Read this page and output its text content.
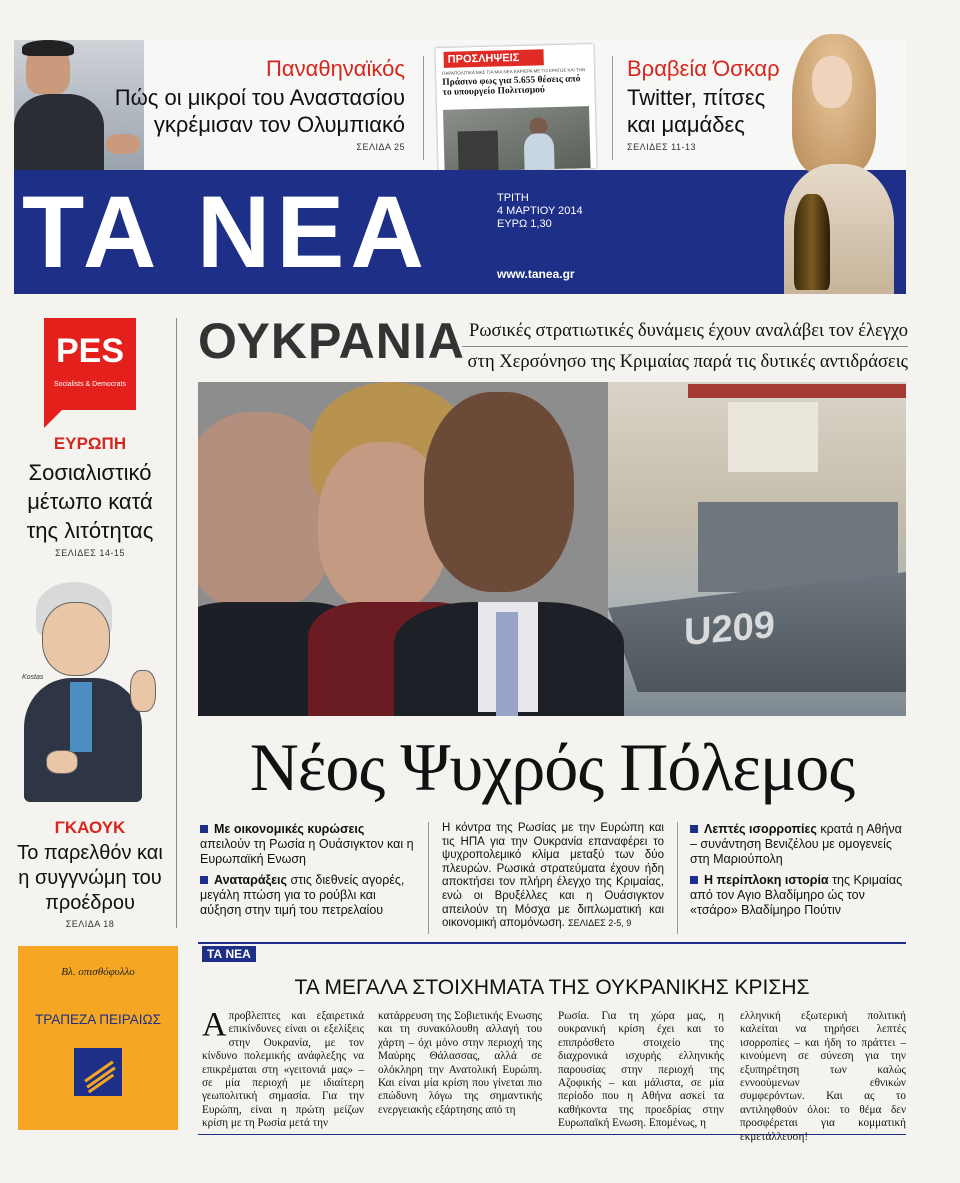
Παναθηναϊκός
Πώς οι μικροί του Αναστασίου γκρέμισαν τον Ολυμπιακό
ΣΕΛΙΔΑ 25
ΠΡΟΣΛΗΨΕΙΣ
ΠΑΡΑΠΟΛΙΤΙΚΑ ΜΑΣ ΓΙΑ ΜΙΑ ΝΕΑ ΚΑΡΙΕΡΑ ΜΕ ΤΟ ΚΡΑΤΟΣ ΚΑΙ ΤΗΝ
Πράσινο φως για 5.655 θέσεις από το υπουργείο Πολιτισμού
Βραβεία Όσκαρ
Twitter, πίτσες και μαμάδες
ΣΕΛΙΔΕΣ 11-13
ΤΑ ΝΕΑ	ΤΡΙΤΗ
4 ΜΑΡΤΙΟΥ 2014
ΕΥΡΩ 1,30
www.tanea.gr
PES
Socialists & Democrats
ΕΥΡΩΠΗ
Σοσιαλιστικό μέτωπο κατά της λιτότητας
ΣΕΛΙΔΕΣ 14-15
Kostas
ΓΚΑΟΥΚ
Το παρελθόν και η συγγνώμη του προέδρου
ΣΕΛΙΔΑ 18
Βλ. οπισθόφυλλο
ΤΡΑΠΕΖΑ ΠΕΙΡΑΙΩΣ
ΟΥΚΡΑΝΙΑ Ρωσικές στρατιωτικές δυνάμεις έχουν αναλάβει τον έλεγχο
στη Χερσόνησο της Κριμαίας παρά τις δυτικές αντιδράσεις
U209
Νέος Ψυχρός Πόλεμος
Με οικονομικές κυρώσεις απειλούν τη Ρωσία η Ουάσιγκτον και η Ευρωπαϊκή Ενωση
Αναταράξεις στις διεθνείς αγορές, μεγάλη πτώση για το ρούβλι και αύξηση στην τιμή του πετρελαίου
Η κόντρα της Ρωσίας με την Ευρώπη και τις ΗΠΑ για την Ουκρανία επαναφέρει το ψυχροπολεμικό κλίμα μεταξύ των δύο πλευρών. Ρωσικά στρατεύματα έχουν ήδη αποκτήσει τον πλήρη έλεγχο της Κριμαίας, ενώ οι Βρυξέλλες και η Ουάσιγκτον απειλούν τη Μόσχα με διπλωματική και οικονομική απομόνωση. ΣΕΛΙΔΕΣ 2-5, 9
Λεπτές ισορροπίες κρατά η Αθήνα – συνάντηση Βενιζέλου με ομογενείς στη Μαριούπολη
Η περίπλοκη ιστορία της Κριμαίας από τον Αγιο Βλαδίμηρο ώς τον «τσάρο» Βλαδίμηρο Πούτιν
ΤΑ ΝΕΑ
ΤΑ ΜΕΓΑΛΑ ΣΤΟΙΧΗΜΑΤΑ ΤΗΣ ΟΥΚΡΑΝΙΚΗΣ ΚΡΙΣΗΣ
Απροβλεπτες και εξαιρετικά επικίνδυνες είναι οι εξελίξεις στην Ουκρανία, με τον κίνδυνο πολεμικής ανάφλεξης να επικρέμαται στη «γειτονιά μας» – σε μία περιοχή με ιδιαίτερη γεωπολιτική σημασία. Για την Ευρώπη, είναι η πρώτη μείζων κρίση με τη Ρωσία μετά την
κατάρρευση της Σοβιετικής Ενωσης και τη συνακόλουθη αλλαγή του χάρτη – όχι μόνο στην περιοχή της Μαύρης Θάλασσας, αλλά σε ολόκληρη την Ανατολική Ευρώπη. Και είναι μία κρίση που γίνεται πιο επώδυνη λόγω της σημαντικής ενεργειακής εξάρτησης από τη
Ρωσία. Για τη χώρα μας, η ουκρανική κρίση έχει και το επιπρόσθετο στοιχείο της διαχρονικά ισχυρής ελληνικής παρουσίας στην περιοχή της Αζοφικής – και μάλιστα, σε μία περίοδο που η Αθήνα ασκεί τα καθήκοντα της προεδρίας στην Ευρωπαϊκή Ενωση. Επομένως, η
ελληνική εξωτερική πολιτική καλείται να τηρήσει λεπτές ισορροπίες – και ήδη το πράττει – κινούμενη σε σύνεση για την εξυπηρέτηση των καλώς εννοούμενων εθνικών συμφερόντων. Και ας το αντιληφθούν όλοι: το θέμα δεν προσφέρεται για κομματική εκμετάλλευση!
